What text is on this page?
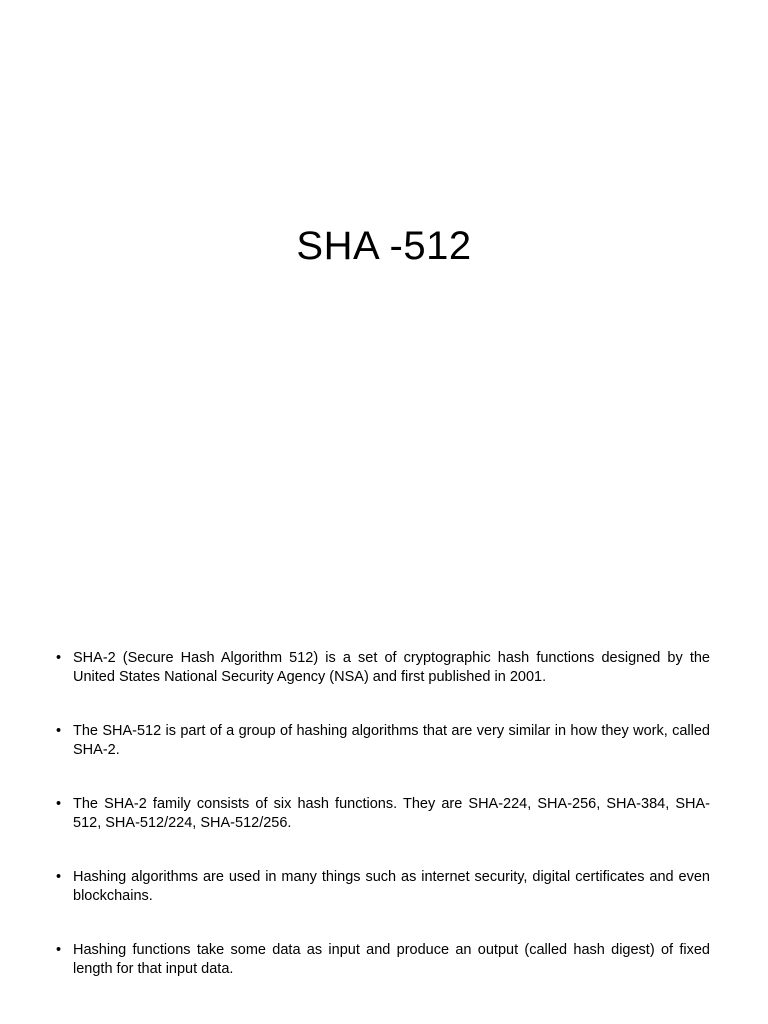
SHA -512
• SHA-2 (Secure Hash Algorithm 512) is a set of cryptographic hash functions designed by the United States National Security Agency (NSA) and first published in 2001.
• The SHA-512 is part of a group of hashing algorithms that are very similar in how they work, called SHA-2.
• The SHA-2 family consists of six hash functions. They are SHA-224, SHA-256, SHA-384, SHA-512, SHA-512/224, SHA-512/256.
• Hashing algorithms are used in many things such as internet security, digital certificates and even blockchains.
• Hashing functions take some data as input and produce an output (called hash digest) of fixed length for that input data.
